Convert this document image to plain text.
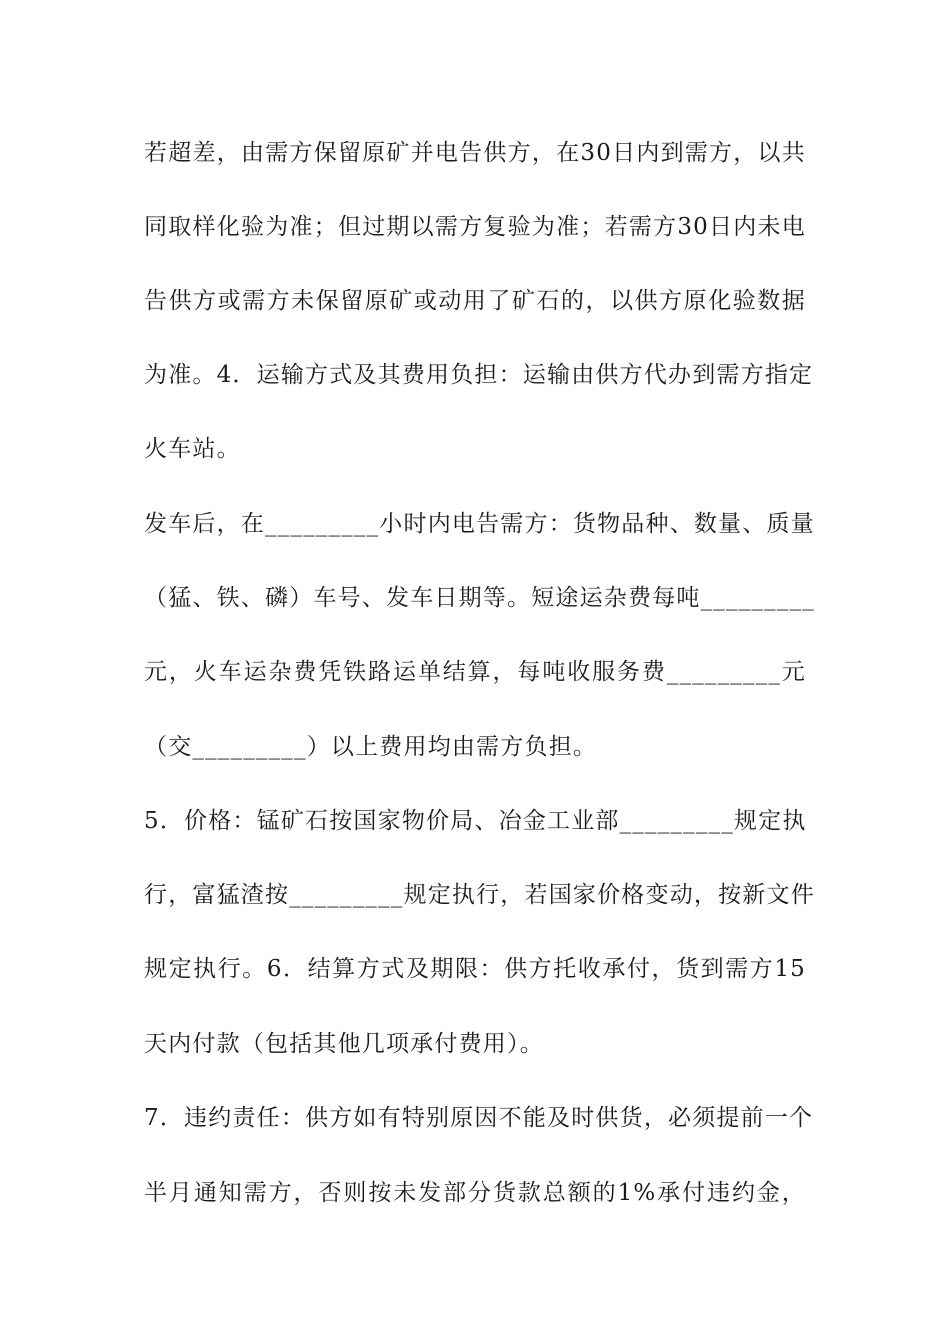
若超差，由需方保留原矿并电告供方，在30日内到需方，以共
同取样化验为准；但过期以需方复验为准；若需方30日内未电
告供方或需方未保留原矿或动用了矿石的，以供方原化验数据
为准。4．运输方式及其费用负担：运输由供方代办到需方指定
火车站。
发车后，在_________小时内电告需方：货物品种、数量、质量
（猛、铁、磷）车号、发车日期等。短途运杂费每吨_________
元，火车运杂费凭铁路运单结算，每吨收服务费_________元
（交_________）以上费用均由需方负担。
5．价格：锰矿石按国家物价局、冶金工业部_________规定执
行，富猛渣按_________规定执行，若国家价格变动，按新文件
规定执行。6．结算方式及期限：供方托收承付，货到需方15
天内付款（包括其他几项承付费用）。
7．违约责任：供方如有特别原因不能及时供货，必须提前一个
半月通知需方，否则按未发部分货款总额的1%承付违约金，
